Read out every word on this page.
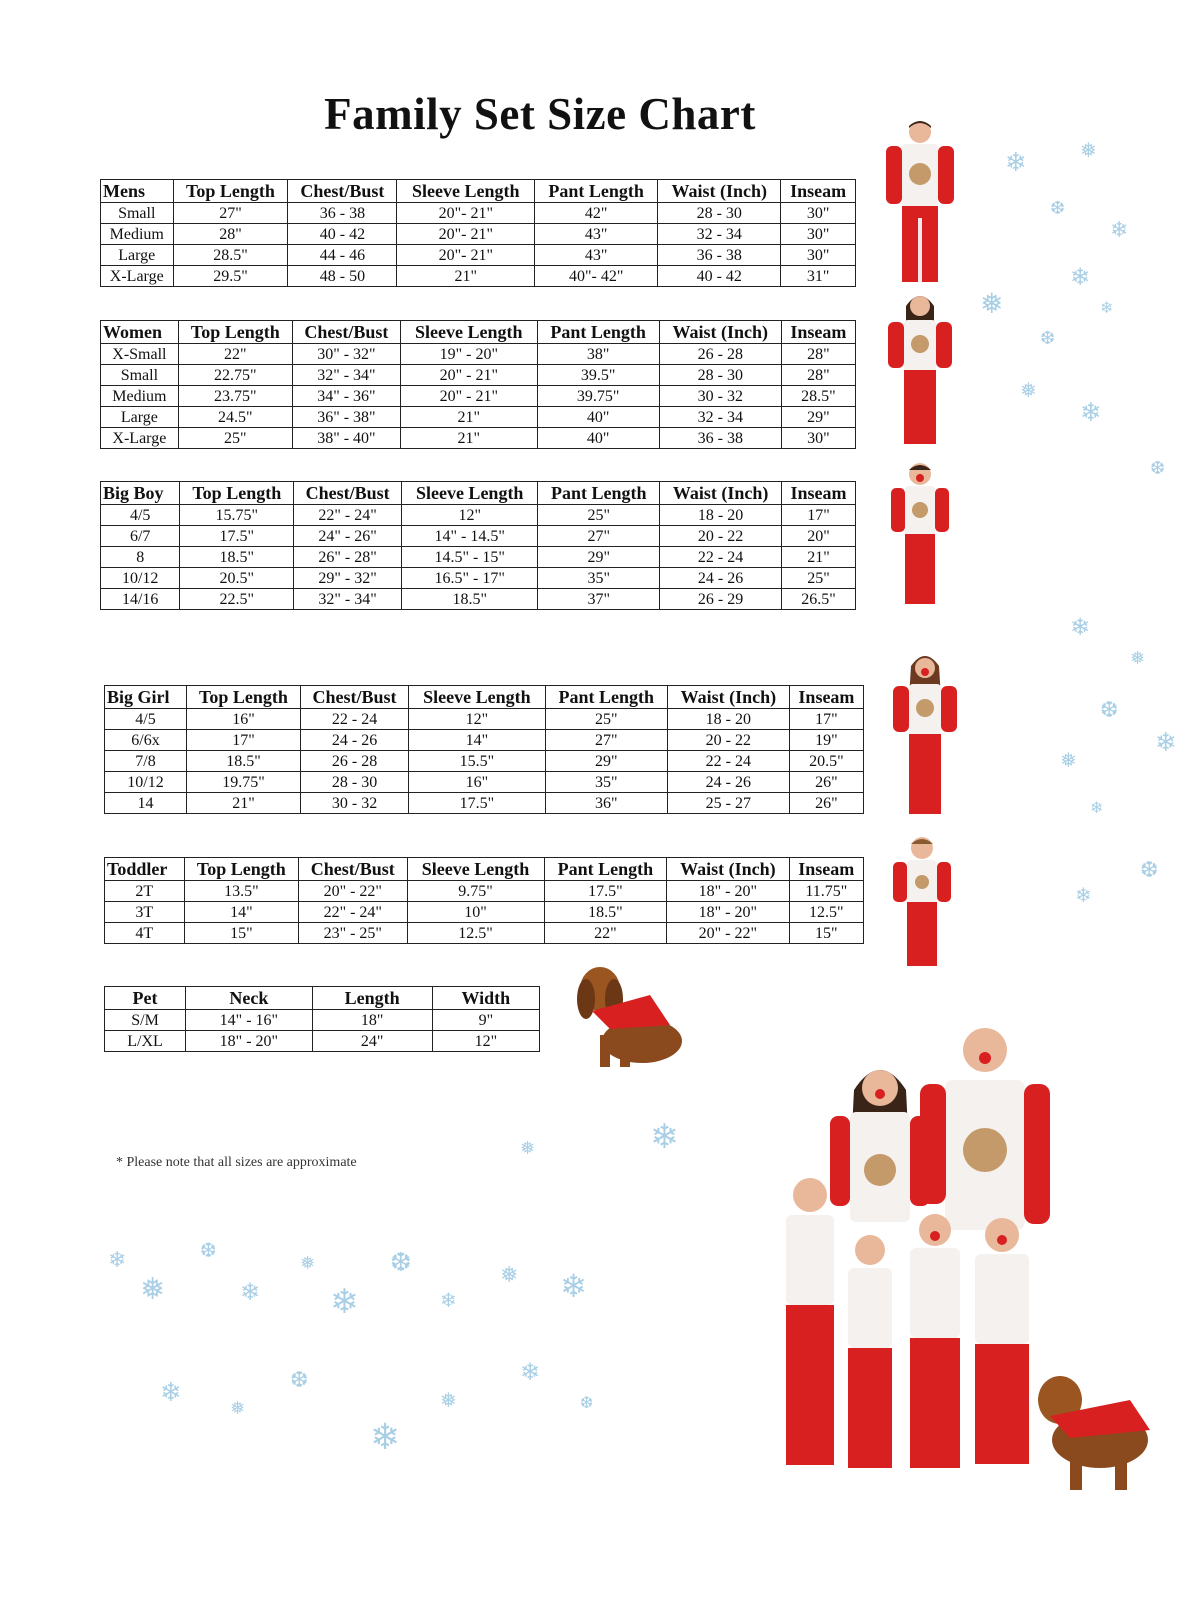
Family Set Size Chart
Mens	Top Length	Chest/Bust	Sleeve Length	Pant Length	Waist (Inch)	Inseam
Small	27"	36 - 38	20"- 21"	42"	28 - 30	30"
Medium	28"	40 - 42	20"- 21"	43"	32 - 34	30"
Large	28.5"	44 - 46	20"- 21"	43"	36 - 38	30"
X-Large	29.5"	48 - 50	21"	40"- 42"	40 - 42	31"
Women	Top Length	Chest/Bust	Sleeve Length	Pant Length	Waist (Inch)	Inseam
X-Small	22"	30" - 32"	19" - 20"	38"	26 - 28	28"
Small	22.75"	32" - 34"	20" - 21"	39.5"	28 - 30	28"
Medium	23.75"	34" - 36"	20" - 21"	39.75"	30 - 32	28.5"
Large	24.5"	36" - 38"	21"	40"	32 - 34	29"
X-Large	25"	38" - 40"	21"	40"	36 - 38	30"
Big Boy	Top Length	Chest/Bust	Sleeve Length	Pant Length	Waist (Inch)	Inseam
4/5	15.75"	22" - 24"	12"	25"	18 - 20	17"
6/7	17.5"	24" - 26"	14" - 14.5"	27"	20 - 22	20"
8	18.5"	26" - 28"	14.5" - 15"	29"	22 - 24	21"
10/12	20.5"	29" - 32"	16.5" - 17"	35"	24 - 26	25"
14/16	22.5"	32" - 34"	18.5"	37"	26 - 29	26.5"
Big Girl	Top Length	Chest/Bust	Sleeve Length	Pant Length	Waist (Inch)	Inseam
4/5	16"	22 - 24	12"	25"	18 - 20	17"
6/6x	17"	24 - 26	14"	27"	20 - 22	19"
7/8	18.5"	26 - 28	15.5"	29"	22 - 24	20.5"
10/12	19.75"	28 - 30	16"	35"	24 - 26	26"
14	21"	30 - 32	17.5"	36"	25 - 27	26"
Toddler	Top Length	Chest/Bust	Sleeve Length	Pant Length	Waist (Inch)	Inseam
2T	13.5"	20" - 22"	9.75"	17.5"	18" - 20"	11.75"
3T	14"	22" - 24"	10"	18.5"	18" - 20"	12.5"
4T	15"	23" - 25"	12.5"	22"	20" - 22"	15"
Pet	Neck	Length	Width
S/M	14" - 16"	18"	9"
L/XL	18" - 20"	24"	12"
* Please note that all sizes are approximate
❄	❅
❆
❄
❅
❄
❆
❄
❅
❄
❆
❄
❅
❆
❄
❅
❄
❆
❄
❄
❅
❆
❄
❅
❄
❆
❄
❅ ❄
❄
❅
❆
❄
❅
❄
❆
❄
❅
